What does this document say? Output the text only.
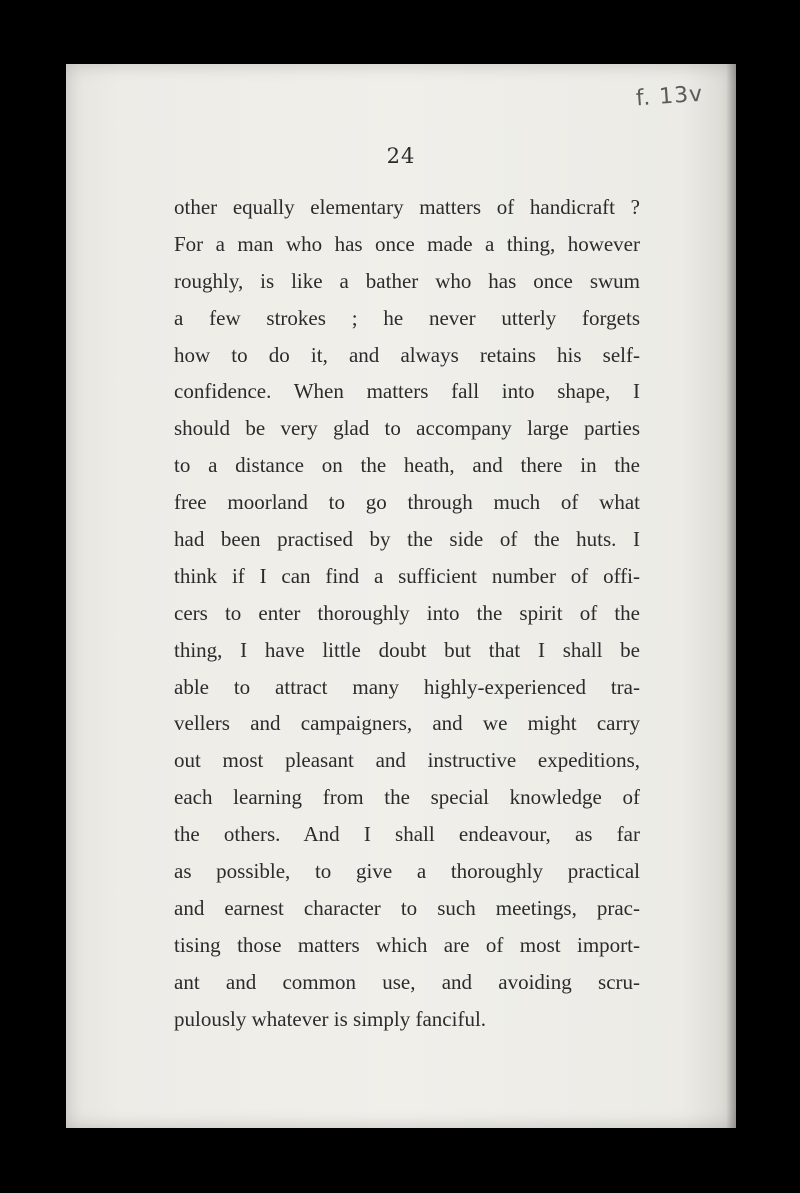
f. 13v
24
other equally elementary matters of handicraft ?
For a man who has once made a thing, however
roughly, is like a bather who has once swum
a few strokes ; he never utterly forgets
how to do it, and always retains his self-
confidence. When matters fall into shape, I
should be very glad to accompany large parties
to a distance on the heath, and there in the
free moorland to go through much of what
had been practised by the side of the huts. I
think if I can find a sufficient number of offi-
cers to enter thoroughly into the spirit of the
thing, I have little doubt but that I shall be
able to attract many highly-experienced tra-
vellers and campaigners, and we might carry
out most pleasant and instructive expeditions,
each learning from the special knowledge of
the others. And I shall endeavour, as far
as possible, to give a thoroughly practical
and earnest character to such meetings, prac-
tising those matters which are of most import-
ant and common use, and avoiding scru-
pulously whatever is simply fanciful.
